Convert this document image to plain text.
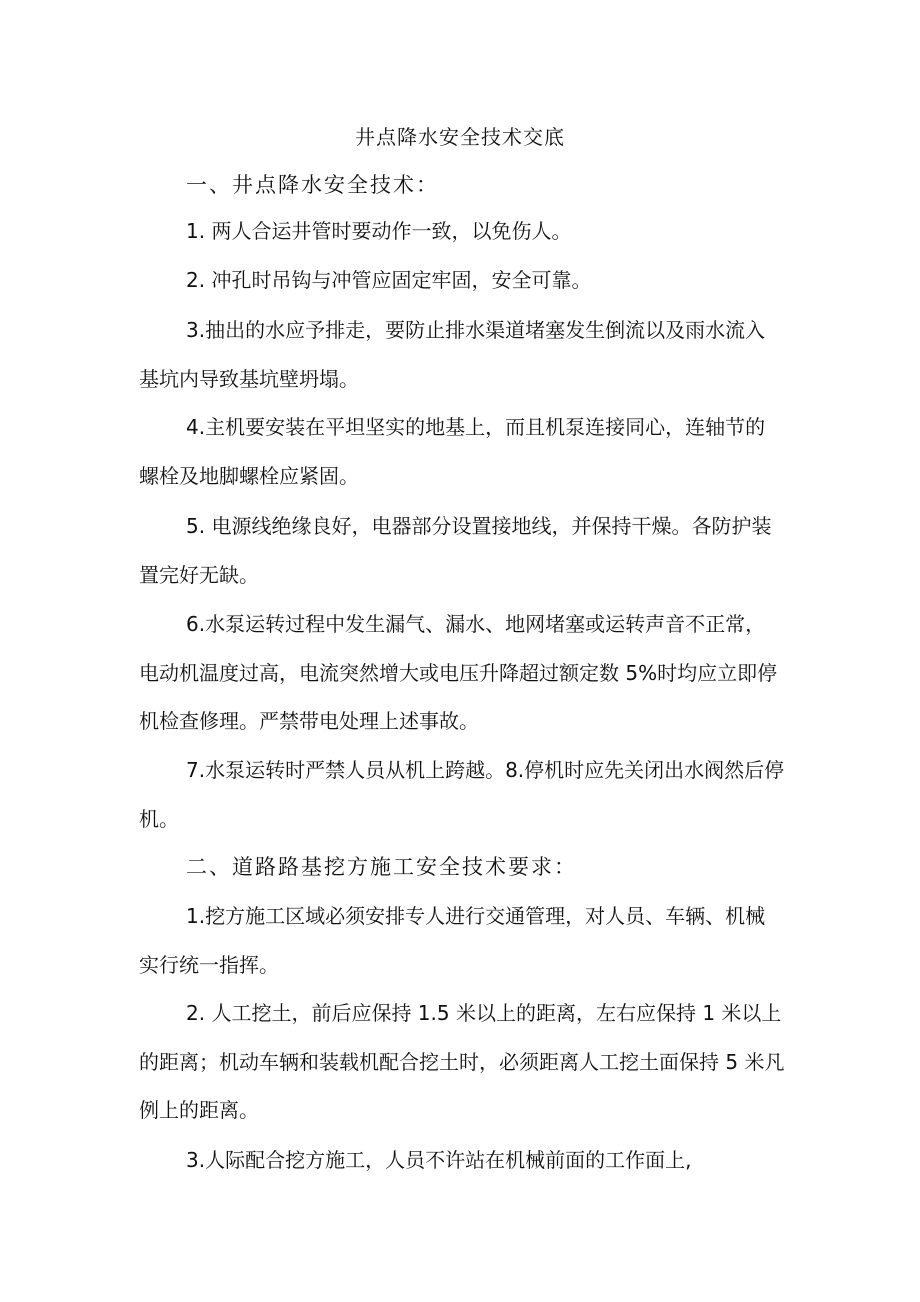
井点降水安全技术交底
一、井点降水安全技术：
1. 两人合运井管时要动作一致，以免伤人。
2. 冲孔时吊钩与冲管应固定牢固，安全可靠。
3.抽出的水应予排走，要防止排水渠道堵塞发生倒流以及雨水流入基坑内导致基坑壁坍塌。
4.主机要安装在平坦坚实的地基上，而且机泵连接同心，连轴节的螺栓及地脚螺栓应紧固。
5. 电源线绝缘良好，电器部分设置接地线，并保持干燥。各防护装置完好无缺。
6.水泵运转过程中发生漏气、漏水、地网堵塞或运转声音不正常，电动机温度过高，电流突然增大或电压升降超过额定数 5%时均应立即停机检查修理。严禁带电处理上述事故。
7.水泵运转时严禁人员从机上跨越。8.停机时应先关闭出水阀然后停机。
二、道路路基挖方施工安全技术要求：
1.挖方施工区域必须安排专人进行交通管理，对人员、车辆、机械实行统一指挥。
2. 人工挖土，前后应保持 1.5 米以上的距离，左右应保持 1 米以上的距离；机动车辆和装载机配合挖土时，必须距离人工挖土面保持 5 米凡例上的距离。
3.人际配合挖方施工，人员不许站在机械前面的工作面上,
